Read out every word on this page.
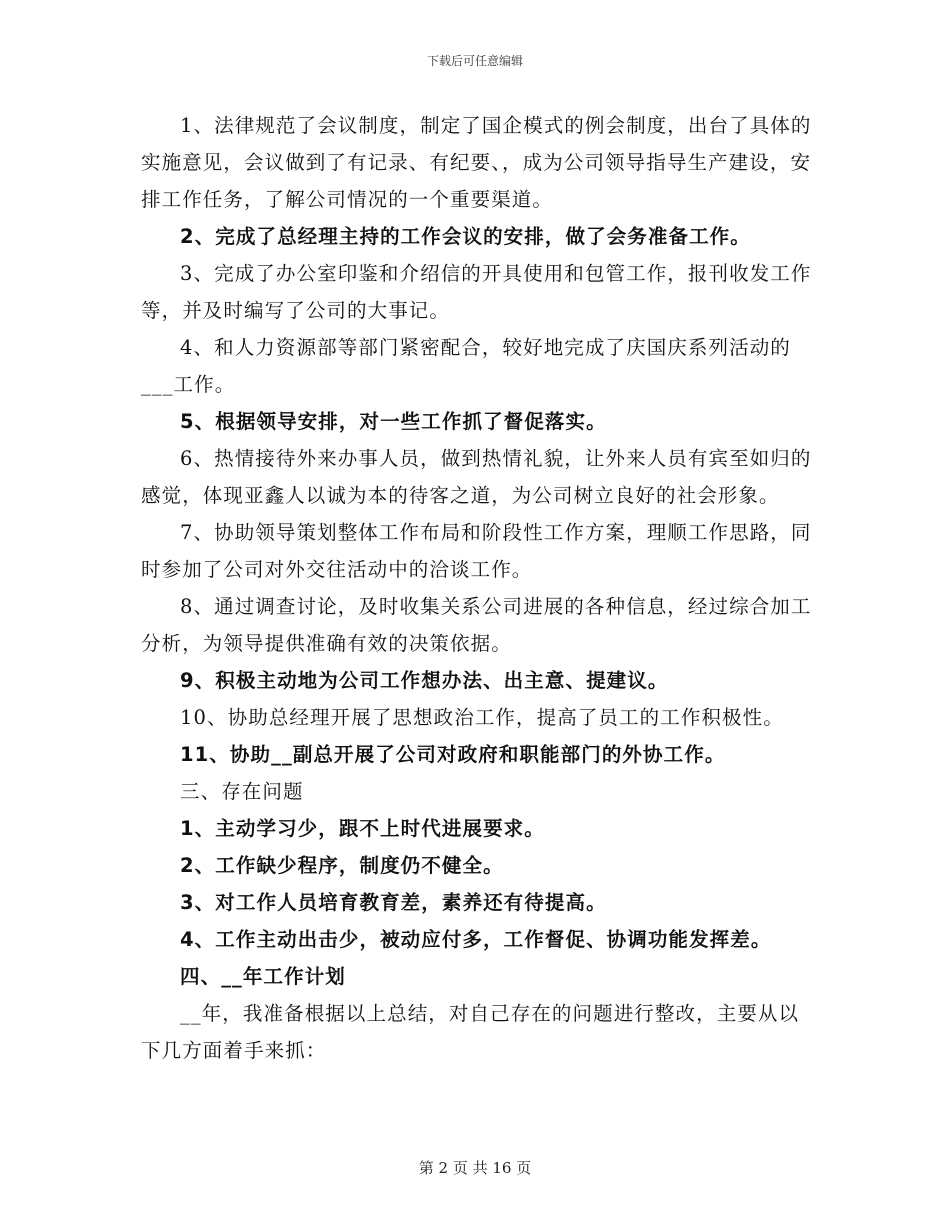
下载后可任意编辑

1、法律规范了会议制度，制定了国企模式的例会制度，出台了具体的实施意见，会议做到了有记录、有纪要、，成为公司领导指导生产建设，安排工作任务，了解公司情况的一个重要渠道。

2、完成了总经理主持的工作会议的安排，做了会务准备工作。

3、完成了办公室印鉴和介绍信的开具使用和包管工作，报刊收发工作等，并及时编写了公司的大事记。

4、和人力资源部等部门紧密配合，较好地完成了庆国庆系列活动的___工作。

5、根据领导安排，对一些工作抓了督促落实。

6、热情接待外来办事人员，做到热情礼貌，让外来人员有宾至如归的感觉，体现亚鑫人以诚为本的待客之道，为公司树立良好的社会形象。

7、协助领导策划整体工作布局和阶段性工作方案，理顺工作思路，同时参加了公司对外交往活动中的洽谈工作。

8、通过调查讨论，及时收集关系公司进展的各种信息，经过综合加工分析，为领导提供准确有效的决策依据。

9、积极主动地为公司工作想办法、出主意、提建议。

10、协助总经理开展了思想政治工作，提高了员工的工作积极性。

11、协助__副总开展了公司对政府和职能部门的外协工作。

三、存在问题

1、主动学习少，跟不上时代进展要求。

2、工作缺少程序，制度仍不健全。

3、对工作人员培育教育差，素养还有待提高。

4、工作主动出击少，被动应付多，工作督促、协调功能发挥差。

四、__年工作计划

__年，我准备根据以上总结，对自己存在的问题进行整改，主要从以下几方面着手来抓：

第 2 页 共 16 页
